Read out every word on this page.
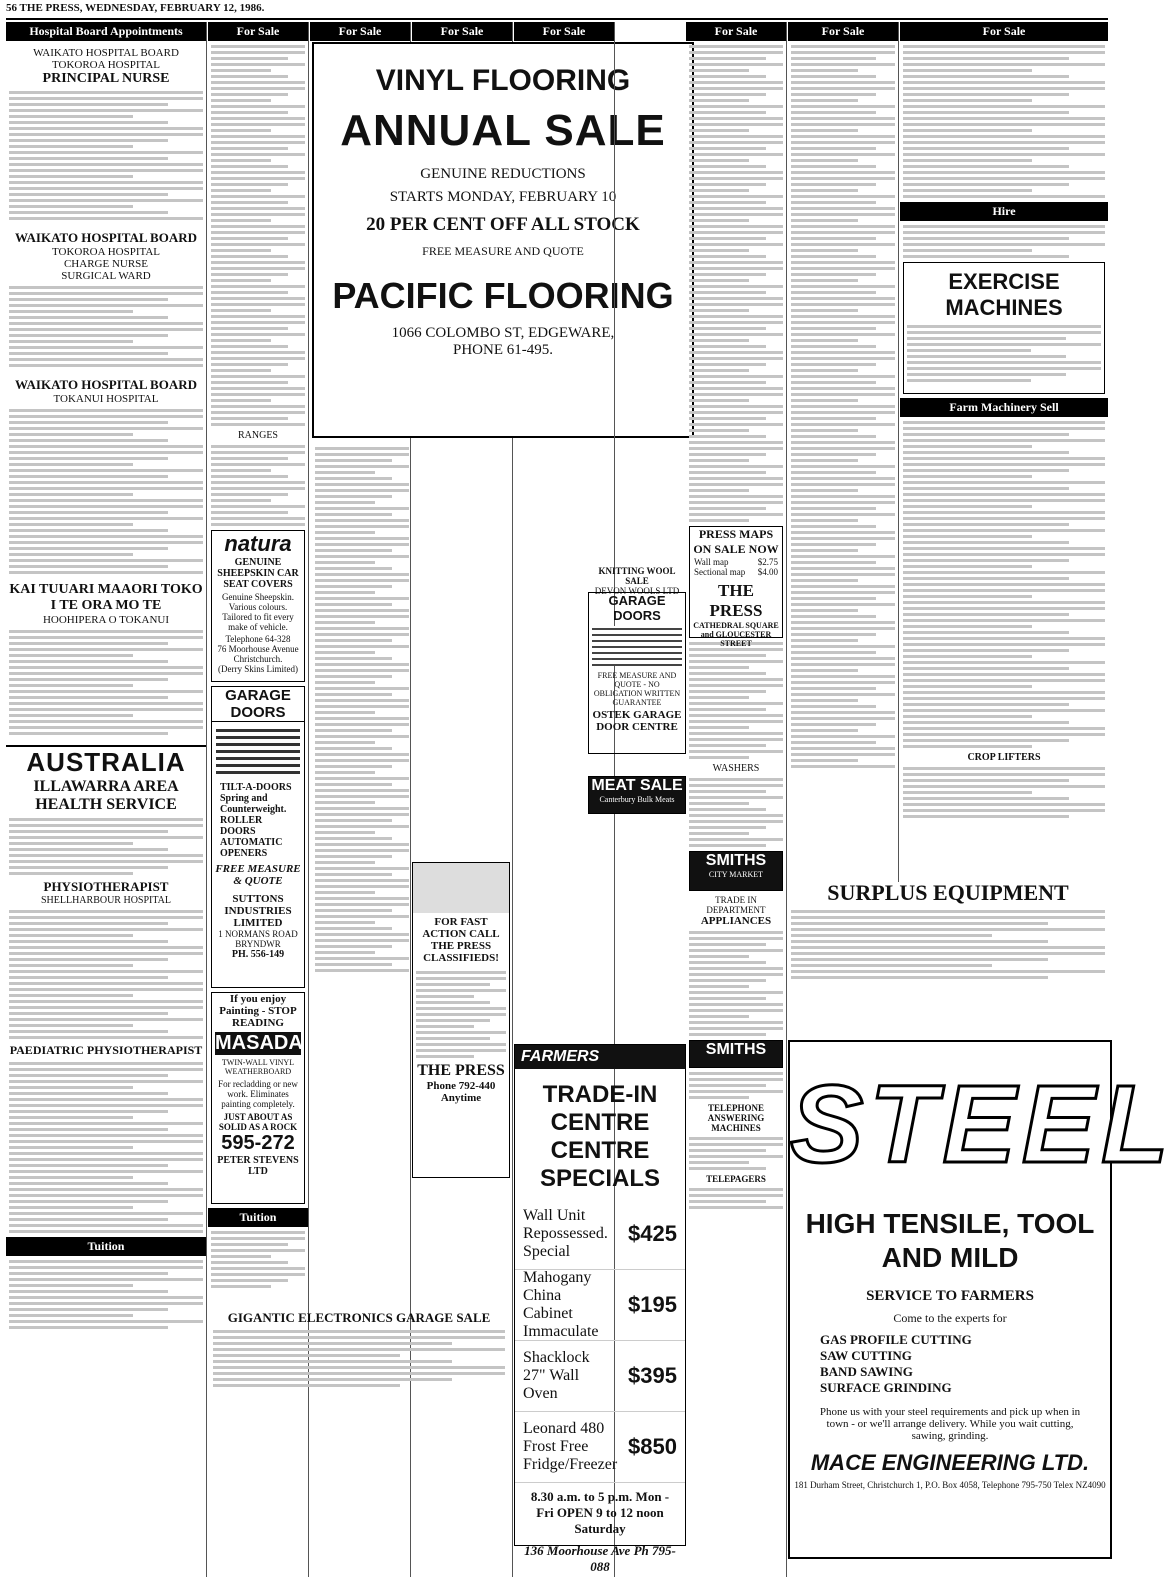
56 THE PRESS, WEDNESDAY, FEBRUARY 12, 1986.
Hospital Board Appointments
WAIKATO HOSPITAL BOARD
TOKOROA HOSPITAL
PRINCIPAL NURSE
WAIKATO HOSPITAL BOARD
TOKOROA HOSPITAL
CHARGE NURSE
SURGICAL WARD
WAIKATO HOSPITAL BOARD
TOKANUI HOSPITAL
KAI TUUARI MAAORI TOKO I TE ORA MO TE
HOOHIPERA O TOKANUI
AUSTRALIA
ILLAWARRA AREA HEALTH SERVICE
PHYSIOTHERAPIST
SHELLHARBOUR HOSPITAL
PAEDIATRIC PHYSIOTHERAPIST
Tuition
For Sale
RANGES
natura
GENUINE SHEEPSKIN CAR SEAT COVERS
Genuine Sheepskin. Various colours. Tailored to fit every make of vehicle.
Telephone 64-328
76 Moorhouse Avenue Christchurch.
(Derry Skins Limited)
GARAGE DOORS
TILT-A-DOORS Spring and Counterweight.
ROLLER DOORS
AUTOMATIC OPENERS
FREE MEASURE & QUOTE
SUTTONS INDUSTRIES LIMITED
1 NORMANS ROAD BRYNDWR
PH. 556-149
If you enjoy Painting - STOP READING
MASADA
TWIN-WALL VINYL WEATHERBOARD
For recladding or new work. Eliminates painting completely.
JUST ABOUT AS SOLID AS A ROCK
595-272
PETER STEVENS LTD
Tuition
For Sale	For Sale
VINYL FLOORING
ANNUAL SALE
GENUINE REDUCTIONS
STARTS MONDAY, FEBRUARY 10
20 PER CENT OFF ALL STOCK
FREE MEASURE AND QUOTE
PACIFIC FLOORING
1066 COLOMBO ST, EDGEWARE,
PHONE 61-495.
FOR FAST ACTION CALL THE PRESS CLASSIFIEDS!
THE PRESS
Phone 792-440
Anytime
GIGANTIC ELECTRONICS GARAGE SALE
For Sale
KNITTING WOOL SALE
DEVON WOOLS LTD
GARAGE DOORS
FREE MEASURE AND QUOTE - NO OBLIGATION WRITTEN GUARANTEE
OSTEK GARAGE DOOR CENTRE
MEAT SALE
Canterbury Bulk Meats
FARMERS
TRADE-IN CENTRE
CENTRE SPECIALS
Wall Unit Repossessed. Special
$425
Mahogany China Cabinet Immaculate
$195
Shacklock 27" Wall Oven
$395
Leonard 480 Frost Free Fridge/Freezer
$850
8.30 a.m. to 5 p.m. Mon - Fri OPEN 9 to 12 noon Saturday
136 Moorhouse Ave Ph 795-088
For Sale
PRESS MAPS ON SALE NOW
Wall map	$2.75
Sectional map $4.00
THE PRESS
CATHEDRAL SQUARE and GLOUCESTER STREET
WASHERS
SMITHS
CITY MARKET
TRADE IN DEPARTMENT
APPLIANCES
SMITHS
TELEPHONE ANSWERING MACHINES
TELEPAGERS
For Sale	For Sale
Hire
EXERCISE MACHINES
Farm Machinery Sell
CROP LIFTERS
SURPLUS EQUIPMENT
STEEL
HIGH TENSILE, TOOL AND MILD
SERVICE TO FARMERS
Come to the experts for
GAS PROFILE CUTTING
SAW CUTTING
BAND SAWING
SURFACE GRINDING
Phone us with your steel requirements and pick up when in town - or we'll arrange delivery. While you wait cutting, sawing, grinding.
MACE ENGINEERING LTD.
181 Durham Street, Christchurch 1, P.O. Box 4058, Telephone 795-750 Telex NZ4090
